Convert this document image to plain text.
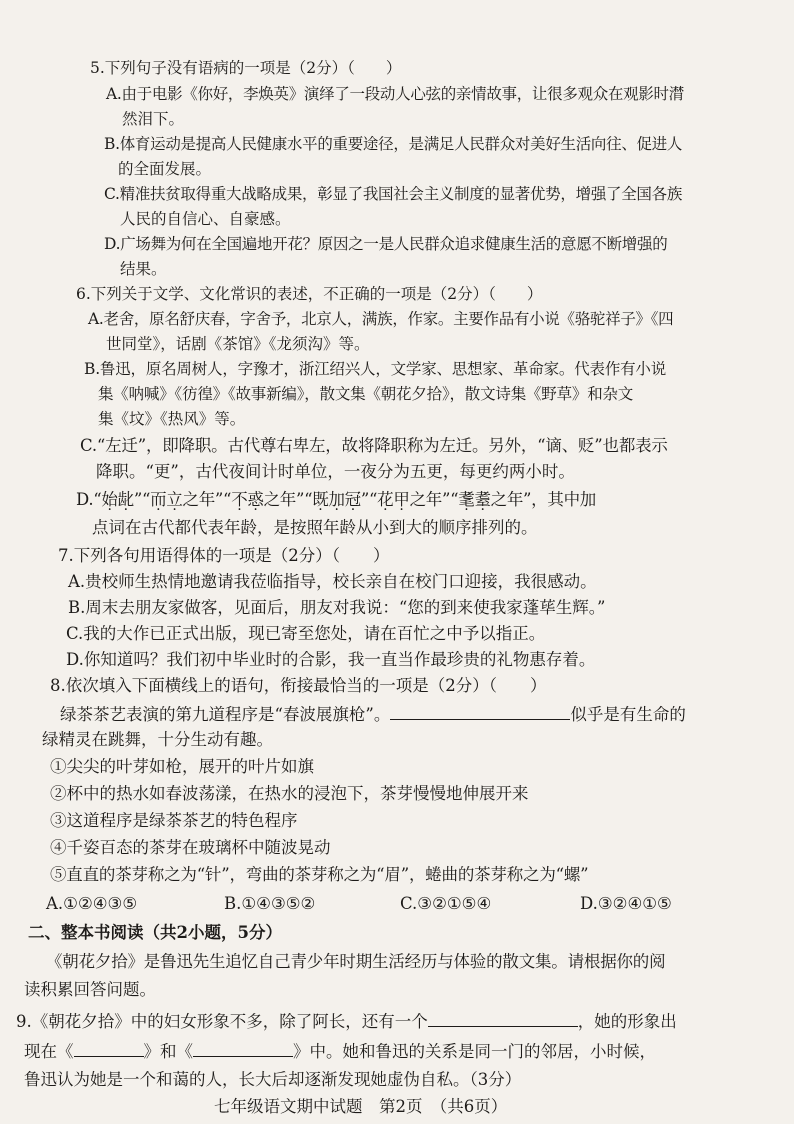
5.下列句子没有语病的一项是（2分）（　　）
A.由于电影《你好，李焕英》演绎了一段动人心弦的亲情故事，让很多观众在观影时潸
然泪下。
B.体育运动是提高人民健康水平的重要途径，是满足人民群众对美好生活向往、促进人
的全面发展。
C.精准扶贫取得重大战略成果，彰显了我国社会主义制度的显著优势，增强了全国各族
人民的自信心、自豪感。
D.广场舞为何在全国遍地开花？原因之一是人民群众追求健康生活的意愿不断增强的
结果。
6.下列关于文学、文化常识的表述，不正确的一项是（2分）（　　）
A.老舍，原名舒庆春，字舍予，北京人，满族，作家。主要作品有小说《骆驼祥子》《四
世同堂》，话剧《茶馆》《龙须沟》等。
B.鲁迅，原名周树人，字豫才，浙江绍兴人，文学家、思想家、革命家。代表作有小说
集《呐喊》《彷徨》《故事新编》，散文集《朝花夕拾》，散文诗集《野草》和杂文
集《坟》《热风》等。
C.“左迁”，即降职。古代尊右卑左，故将降职称为左迁。另外，“谪、贬”也都表示
降职。“更”，古代夜间计时单位，一夜分为五更，每更约两小时。
D.“始龀”“而立之年”“不惑之年”“既加冠”“花甲之年”“耄耋之年”，其中加
点词在古代都代表年龄，是按照年龄从小到大的顺序排列的。
7.下列各句用语得体的一项是（2分）（　　）
A.贵校师生热情地邀请我莅临指导，校长亲自在校门口迎接，我很感动。
B.周末去朋友家做客，见面后，朋友对我说：“您的到来使我家蓬荜生辉。”
C.我的大作已正式出版，现已寄至您处，请在百忙之中予以指正。
D.你知道吗？我们初中毕业时的合影，我一直当作最珍贵的礼物惠存着。
8.依次填入下面横线上的语句，衔接最恰当的一项是（2分）（　　）
绿茶茶艺表演的第九道程序是“春波展旗枪”。	似乎是有生命的
绿精灵在跳舞，十分生动有趣。
①尖尖的叶芽如枪，展开的叶片如旗
②杯中的热水如春波荡漾，在热水的浸泡下，茶芽慢慢地伸展开来
③这道程序是绿茶茶艺的特色程序
④千姿百态的茶芽在玻璃杯中随波晃动
⑤直直的茶芽称之为“针”，弯曲的茶芽称之为“眉”，蜷曲的茶芽称之为“螺”
A.①②④③⑤	B.①④③⑤②	C.③②①⑤④	D.③②④①⑤
二、整本书阅读（共2小题，5分）
《朝花夕拾》是鲁迅先生追忆自己青少年时期生活经历与体验的散文集。请根据你的阅
读积累回答问题。
9.《朝花夕拾》中的妇女形象不多，除了阿长，还有一个	，她的形象出
现在《	》和《	》中。她和鲁迅的关系是同一门的邻居，小时候，
鲁迅认为她是一个和蔼的人，长大后却逐渐发现她虚伪自私。（3分）
七年级语文期中试题　第2页　（共6页）
